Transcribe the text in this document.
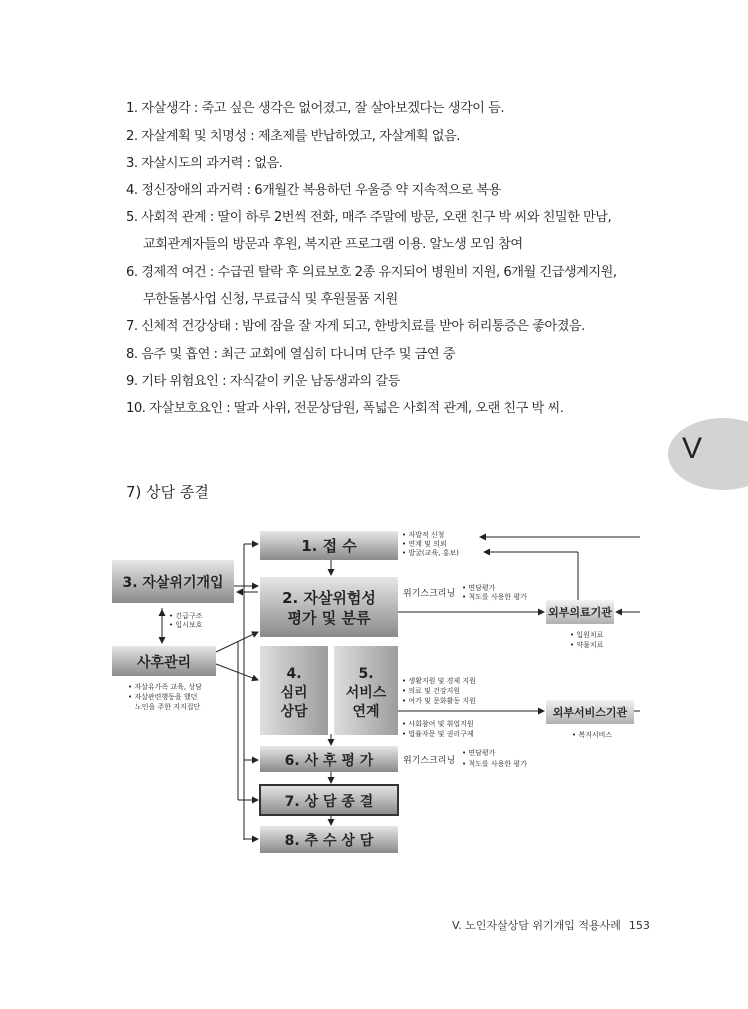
1. 자살생각 : 죽고 싶은 생각은 없어졌고, 잘 살아보겠다는 생각이 듬.
2. 자살계획 및 치명성 : 제초제를 반납하였고, 자살계획 없음.
3. 자살시도의 과거력 : 없음.
4. 정신장애의 과거력 : 6개월간 복용하던 우울증 약 지속적으로 복용
5. 사회적 관계 : 딸이 하루 2번씩 전화, 매주 주말에 방문, 오랜 친구 박 씨와 친밀한 만남,
교회관계자들의 방문과 후원, 복지관 프로그램 이용. 알노생 모임 참여
6. 경제적 여건 : 수급권 탈락 후 의료보호 2종 유지되어 병원비 지원, 6개월 긴급생계지원,
무한돌봄사업 신청, 무료급식 및 후원물품 지원
7. 신체적 건강상태 : 밤에 잠을 잘 자게 되고, 한방치료를 받아 허리통증은 좋아졌음.
8. 음주 및 흡연 : 최근 교회에 열심히 다니며 단주 및 금연 중
9. 기타 위험요인 : 자식같이 키운 남동생과의 갈등
10. 자살보호요인 : 딸과 사위, 전문상담원, 폭넓은 사회적 관계, 오랜 친구 박 씨.
V
7) 상담 종결
1. 접 수
2. 자살위험성
평가 및 분류
3. 자살위기개입
4.
심리
상담
5.
서비스
연계
사후관리
6. 사 후 평 가
7. 상 담 종 결
8. 추 수 상 담
외부의료기관
외부서비스기관
• 자발적 신청
• 연계 및 의뢰
• 발굴(교육, 홍보)
위기스크리닝
• 면담평가
• 척도를 사용한 평가
• 긴급구조
• 입시보호
• 입원치료
• 약물치료
• 자살유가족 교육, 상담
• 자살관련행동을 했던
노인을 주한 지지집단
• 생활지원 및 경제 지원
• 의료 및 건강지원
• 여가 및 문화활동 지원
• 사회참여 및 취업지원
• 법률자문 및 권리구제	• 복지서비스
위기스크리닝
• 면담평가
• 척도를 사용한 평가
V. 노인자살상담 위기개입 적용사례 153
